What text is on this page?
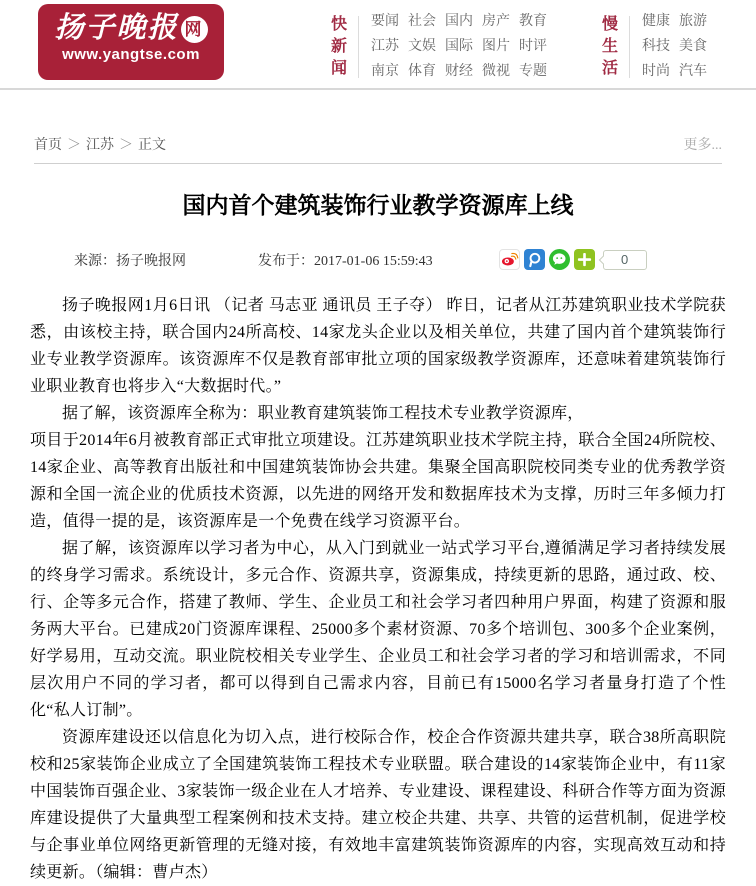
扬子晚报 网
www.yangtse.com
快
新
闻
要闻 社会 国内 房产 教育
江苏 文娱 国际 图片 时评
南京 体育 财经 微视 专题
慢
生
活
健康 旅游
科技 美食
时尚 汽车
首页 ＞ 江苏 ＞ 正文	更多...
国内首个建筑装饰行业教学资源库上线
来源：扬子晚报网	发布于：2017-01-06 15:59:43	0

扬子晚报网1月6日讯 （记者 马志亚 通讯员 王子夺） 昨日，记者从江苏建筑职业技术学院获悉，由该校主持，联合国内24所高校、14家龙头企业以及相关单位，共建了国内首个建筑装饰行业专业教学资源库。该资源库不仅是教育部审批立项的国家级教学资源库，还意味着建筑装饰行业职业教育也将步入“大数据时代。”

据了解，该资源库全称为：职业教育建筑装饰工程技术专业教学资源库，

项目于2014年6月被教育部正式审批立项建设。江苏建筑职业技术学院主持，联合全国24所院校、14家企业、高等教育出版社和中国建筑装饰协会共建。集聚全国高职院校同类专业的优秀教学资源和全国一流企业的优质技术资源，以先进的网络开发和数据库技术为支撑，历时三年多倾力打造，值得一提的是，该资源库是一个免费在线学习资源平台。

据了解，该资源库以学习者为中心，从入门到就业一站式学习平台,遵循满足学习者持续发展的终身学习需求。系统设计，多元合作、资源共享，资源集成，持续更新的思路，通过政、校、行、企等多元合作，搭建了教师、学生、企业员工和社会学习者四种用户界面，构建了资源和服务两大平台。已建成20门资源库课程、25000多个素材资源、70多个培训包、300多个企业案例，好学易用，互动交流。职业院校相关专业学生、企业员工和社会学习者的学习和培训需求，不同层次用户不同的学习者，都可以得到自己需求内容，目前已有15000名学习者量身打造了个性化“私人订制”。

资源库建设还以信息化为切入点，进行校际合作，校企合作资源共建共享，联合38所高职院校和25家装饰企业成立了全国建筑装饰工程技术专业联盟。联合建设的14家装饰企业中，有11家中国装饰百强企业、3家装饰一级企业在人才培养、专业建设、课程建设、科研合作等方面为资源库建设提供了大量典型工程案例和技术支持。建立校企共建、共享、共管的运营机制，促进学校与企事业单位网络更新管理的无缝对接，有效地丰富建筑装饰资源库的内容，实现高效互动和持续更新。（编辑：曹卢杰）
